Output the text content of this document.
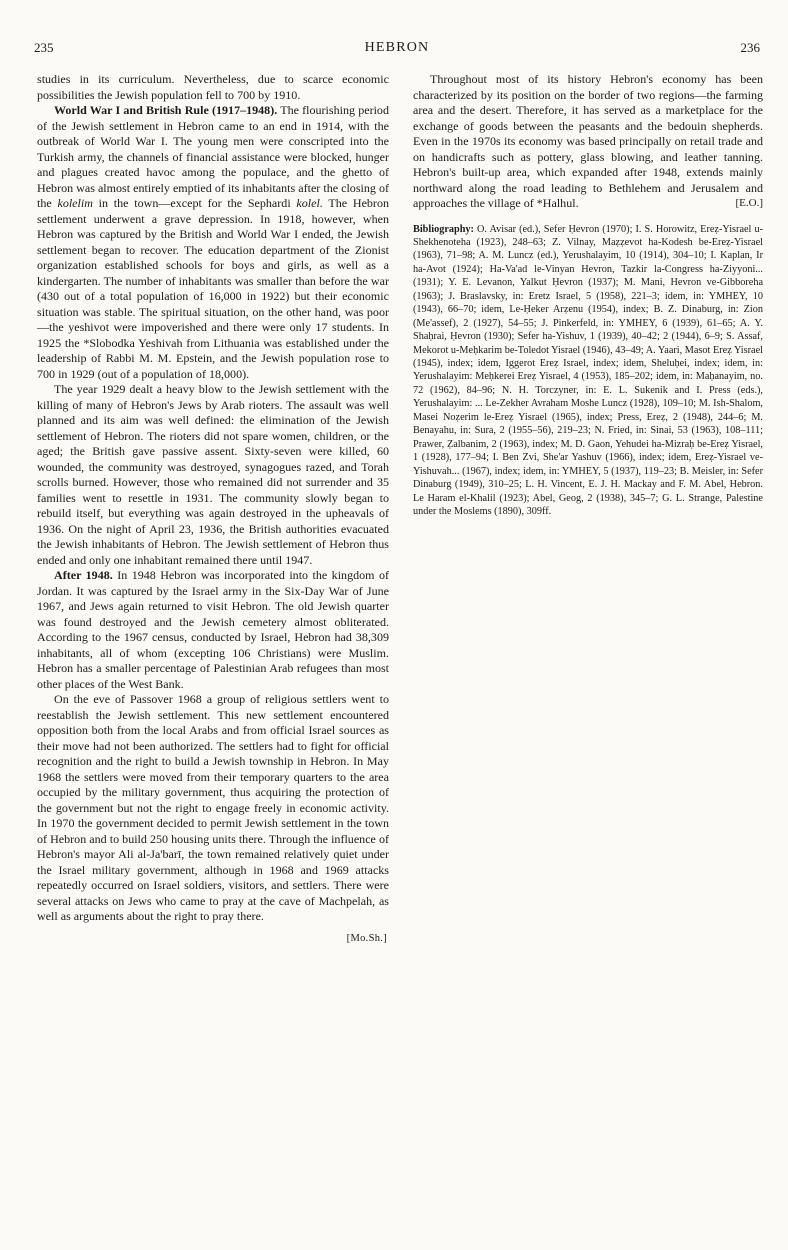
235	HEBRON	236

studies in its curriculum. Nevertheless, due to scarce economic possibilities the Jewish population fell to 700 by 1910.

World War I and British Rule (1917–1948). The flourishing period of the Jewish settlement in Hebron came to an end in 1914, with the outbreak of World War I. The young men were conscripted into the Turkish army, the channels of financial assistance were blocked, hunger and plagues created havoc among the populace, and the ghetto of Hebron was almost entirely emptied of its inhabitants after the closing of the kolelim in the town—except for the Sephardi kolel. The Hebron settlement underwent a grave depression. In 1918, however, when Hebron was captured by the British and World War I ended, the Jewish settlement began to recover. The education department of the Zionist organization established schools for boys and girls, as well as a kindergarten. The number of inhabitants was smaller than before the war (430 out of a total population of 16,000 in 1922) but their economic situation was stable. The spiritual situation, on the other hand, was poor—the yeshivot were impoverished and there were only 17 students. In 1925 the *Slobodka Yeshivah from Lithuania was established under the leadership of Rabbi M. M. Epstein, and the Jewish population rose to 700 in 1929 (out of a population of 18,000).

The year 1929 dealt a heavy blow to the Jewish settlement with the killing of many of Hebron's Jews by Arab rioters. The assault was well planned and its aim was well defined: the elimination of the Jewish settlement of Hebron. The rioters did not spare women, children, or the aged; the British gave passive assent. Sixty-seven were killed, 60 wounded, the community was destroyed, synagogues razed, and Torah scrolls burned. However, those who remained did not surrender and 35 families went to resettle in 1931. The community slowly began to rebuild itself, but everything was again destroyed in the upheavals of 1936. On the night of April 23, 1936, the British authorities evacuated the Jewish inhabitants of Hebron. The Jewish settlement of Hebron thus ended and only one inhabitant remained there until 1947.

After 1948. In 1948 Hebron was incorporated into the kingdom of Jordan. It was captured by the Israel army in the Six-Day War of June 1967, and Jews again returned to visit Hebron. The old Jewish quarter was found destroyed and the Jewish cemetery almost obliterated. According to the 1967 census, conducted by Israel, Hebron had 38,309 inhabitants, all of whom (excepting 106 Christians) were Muslim. Hebron has a smaller percentage of Palestinian Arab refugees than most other places of the West Bank.

On the eve of Passover 1968 a group of religious settlers went to reestablish the Jewish settlement. This new settlement encountered opposition both from the local Arabs and from official Israel sources as their move had not been authorized. The settlers had to fight for official recognition and the right to build a Jewish township in Hebron. In May 1968 the settlers were moved from their temporary quarters to the area occupied by the military government, thus acquiring the protection of the government but not the right to engage freely in economic activity. In 1970 the government decided to permit Jewish settlement in the town of Hebron and to build 250 housing units there. Through the influence of Hebron's mayor Ali al-Ja'barī, the town remained relatively quiet under the Israel military government, although in 1968 and 1969 attacks repeatedly occurred on Israel soldiers, visitors, and settlers. There were several attacks on Jews who came to pray at the cave of Machpelah, as well as arguments about the right to pray there.

[Mo.Sh.]

Throughout most of its history Hebron's economy has been characterized by its position on the border of two regions—the farming area and the desert. Therefore, it has served as a marketplace for the exchange of goods between the peasants and the bedouin shepherds. Even in the 1970s its economy was based principally on retail trade and on handicrafts such as pottery, glass blowing, and leather tanning. Hebron's built-up area, which expanded after 1948, extends mainly northward along the road leading to Bethlehem and Jerusalem and approaches the village of *Halhul.	[E.O.]

Bibliography: O. Avisar (ed.), Sefer Ḥevron (1970); I. S. Horowitz, Ereẓ-Yisrael u-Shekhenoteha (1923), 248–63; Z. Vilnay, Maẓẓevot ha-Kodesh be-Ereẓ-Yisrael (1963), 71–98; A. M. Luncz (ed.), Yerushalayim, 10 (1914), 304–10; I. Kaplan, Ir ha-Avot (1924); Ha-Va'ad le-Vinyan Hevron, Tazkir la-Congress ha-Ziyyoni... (1931); Y. E. Levanon, Yalkut Ḥevron (1937); M. Mani, Hevron ve-Gibboreha (1963); J. Braslavsky, in: Eretz Israel, 5 (1958), 221–3; idem, in: YMHEY, 10 (1943), 66–70; idem, Le-Ḥeker Arẓenu (1954), index; B. Z. Dinaburg, in: Zion (Me'assef), 2 (1927), 54–55; J. Pinkerfeld, in: YMHEY, 6 (1939), 61–65; A. Y. Shaḥrai, Ḥevron (1930); Sefer ha-Yishuv, 1 (1939), 40–42; 2 (1944), 6–9; S. Assaf, Mekorot u-Meḥkarim be-Toledot Yisrael (1946), 43–49; A. Yaari, Masot Ereẓ Yisrael (1945), index; idem, Iggerot Ereẓ Israel, index; idem, Sheluḥei, index; idem, in: Yerushalayim: Meḥkerei Ereẓ Yisrael, 4 (1953), 185–202; idem, in: Maḥanayim, no. 72 (1962), 84–96; N. H. Torczyner, in: E. L. Sukenik and I. Press (eds.), Yerushalayim: ... Le-Zekher Avraham Moshe Luncz (1928), 109–10; M. Ish-Shalom, Masei Noẓerim le-Ereẓ Yisrael (1965), index; Press, Ereẓ, 2 (1948), 244–6; M. Benayahu, in: Sura, 2 (1955–56), 219–23; N. Fried, in: Sinai, 53 (1963), 108–111; Prawer, Ẓalbanim, 2 (1963), index; M. D. Gaon, Yehudei ha-Mizraḥ be-Ereẓ Yisrael, 1 (1928), 177–94; I. Ben Zvi, She'ar Yashuv (1966), index; idem, Ereẓ-Yisrael ve-Yishuvah... (1967), index; idem, in: YMHEY, 5 (1937), 119–23; B. Meisler, in: Sefer Dinaburg (1949), 310–25; L. H. Vincent, E. J. H. Mackay and F. M. Abel, Hebron. Le Haram el-Khalil (1923); Abel, Geog, 2 (1938), 345–7; G. L. Strange, Palestine under the Moslems (1890), 309ff.
